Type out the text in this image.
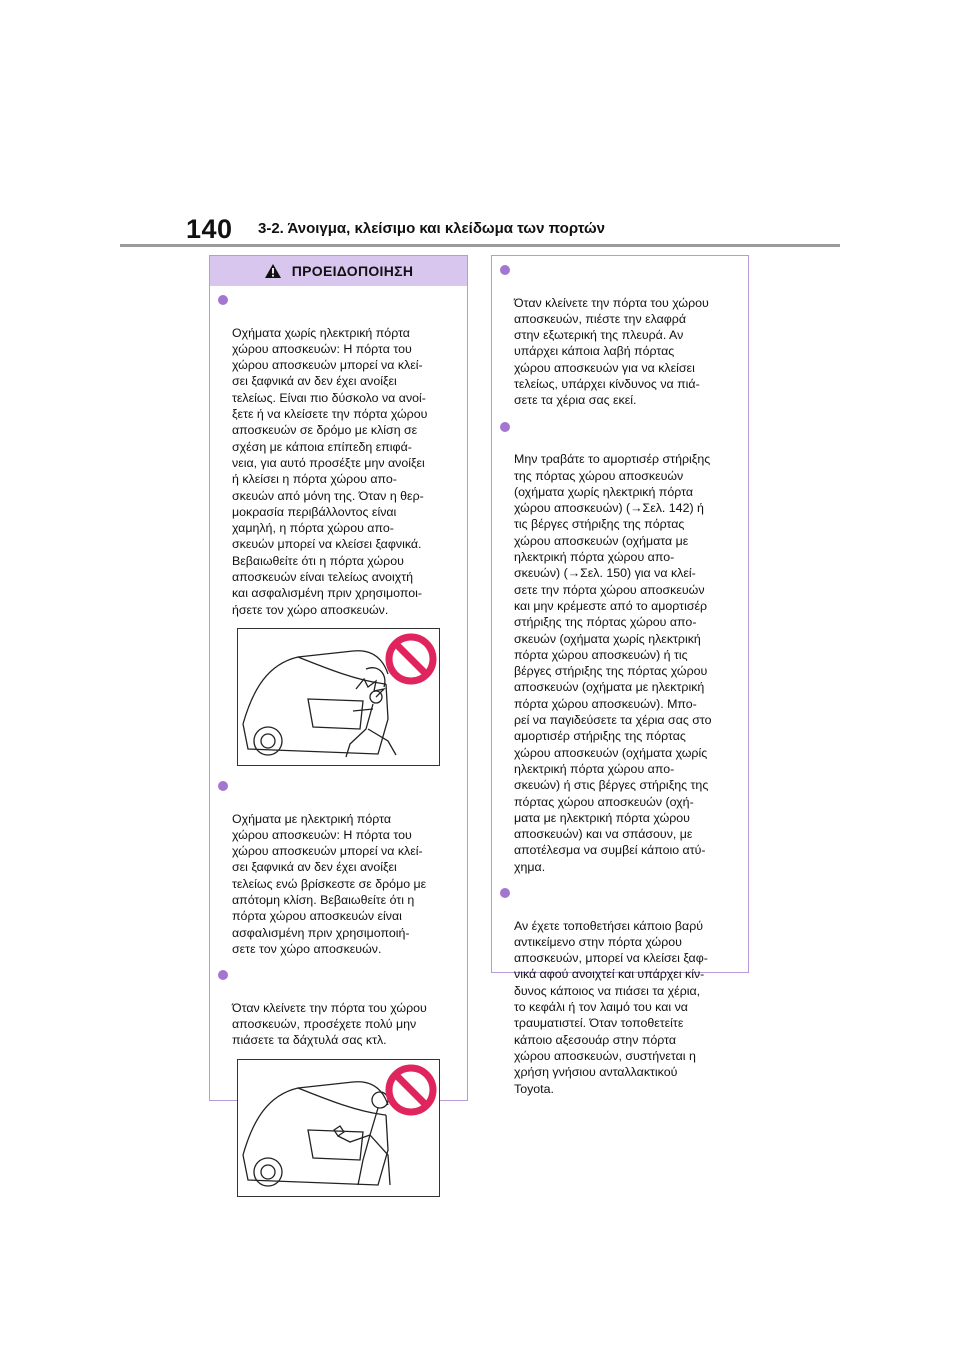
140 3-2. Άνοιγμα, κλείσιμο και κλείδωμα των πορτών
ΠΡΟΕΙΔΟΠΟΙΗΣΗ

Οχήματα χωρίς ηλεκτρική πόρτα
χώρου αποσκευών: Η πόρτα του
χώρου αποσκευών μπορεί να κλεί-
σει ξαφνικά αν δεν έχει ανοίξει
τελείως. Είναι πιο δύσκολο να ανοί-
ξετε ή να κλείσετε την πόρτα χώρου
αποσκευών σε δρόμο με κλίση σε
σχέση με κάποια επίπεδη επιφά-
νεια, για αυτό προσέξτε μην ανοίξει
ή κλείσει η πόρτα χώρου απο-
σκευών από μόνη της. Όταν η θερ-
μοκρασία περιβάλλοντος είναι
χαμηλή, η πόρτα χώρου απο-
σκευών μπορεί να κλείσει ξαφνικά.
Βεβαιωθείτε ότι η πόρτα χώρου
αποσκευών είναι τελείως ανοιχτή
και ασφαλισμένη πριν χρησιμοποι-
ήσετε τον χώρο αποσκευών.

Οχήματα με ηλεκτρική πόρτα
χώρου αποσκευών: Η πόρτα του
χώρου αποσκευών μπορεί να κλεί-
σει ξαφνικά αν δεν έχει ανοίξει
τελείως ενώ βρίσκεστε σε δρόμο με
απότομη κλίση. Βεβαιωθείτε ότι η
πόρτα χώρου αποσκευών είναι
ασφαλισμένη πριν χρησιμοποιή-
σετε τον χώρο αποσκευών.

Όταν κλείνετε την πόρτα του χώρου
αποσκευών, προσέχετε πολύ μην
πιάσετε τα δάχτυλά σας κτλ.

Όταν κλείνετε την πόρτα του χώρου
αποσκευών, πιέστε την ελαφρά
στην εξωτερική της πλευρά. Αν
υπάρχει κάποια λαβή πόρτας
χώρου αποσκευών για να κλείσει
τελείως, υπάρχει κίνδυνος να πιά-
σετε τα χέρια σας εκεί.

Μην τραβάτε το αμορτισέρ στήριξης
της πόρτας χώρου αποσκευών
(οχήματα χωρίς ηλεκτρική πόρτα
χώρου αποσκευών) (→Σελ. 142) ή
τις βέργες στήριξης της πόρτας
χώρου αποσκευών (οχήματα με
ηλεκτρική πόρτα χώρου απο-
σκευών) (→Σελ. 150) για να κλεί-
σετε την πόρτα χώρου αποσκευών
και μην κρέμεστε από το αμορτισέρ
στήριξης της πόρτας χώρου απο-
σκευών (οχήματα χωρίς ηλεκτρική
πόρτα χώρου αποσκευών) ή τις
βέργες στήριξης της πόρτας χώρου
αποσκευών (οχήματα με ηλεκτρική
πόρτα χώρου αποσκευών). Μπο-
ρεί να παγιδεύσετε τα χέρια σας στο
αμορτισέρ στήριξης της πόρτας
χώρου αποσκευών (οχήματα χωρίς
ηλεκτρική πόρτα χώρου απο-
σκευών) ή στις βέργες στήριξης της
πόρτας χώρου αποσκευών (οχή-
ματα με ηλεκτρική πόρτα χώρου
αποσκευών) και να σπάσουν, με
αποτέλεσμα να συμβεί κάποιο ατύ-
χημα.

Αν έχετε τοποθετήσει κάποιο βαρύ
αντικείμενο στην πόρτα χώρου
αποσκευών, μπορεί να κλείσει ξαφ-
νικά αφού ανοιχτεί και υπάρχει κίν-
δυνος κάποιος να πιάσει τα χέρια,
το κεφάλι ή τον λαιμό του και να
τραυματιστεί. Όταν τοποθετείτε
κάποιο αξεσουάρ στην πόρτα
χώρου αποσκευών, συστήνεται η
χρήση γνήσιου ανταλλακτικού
Toyota.
